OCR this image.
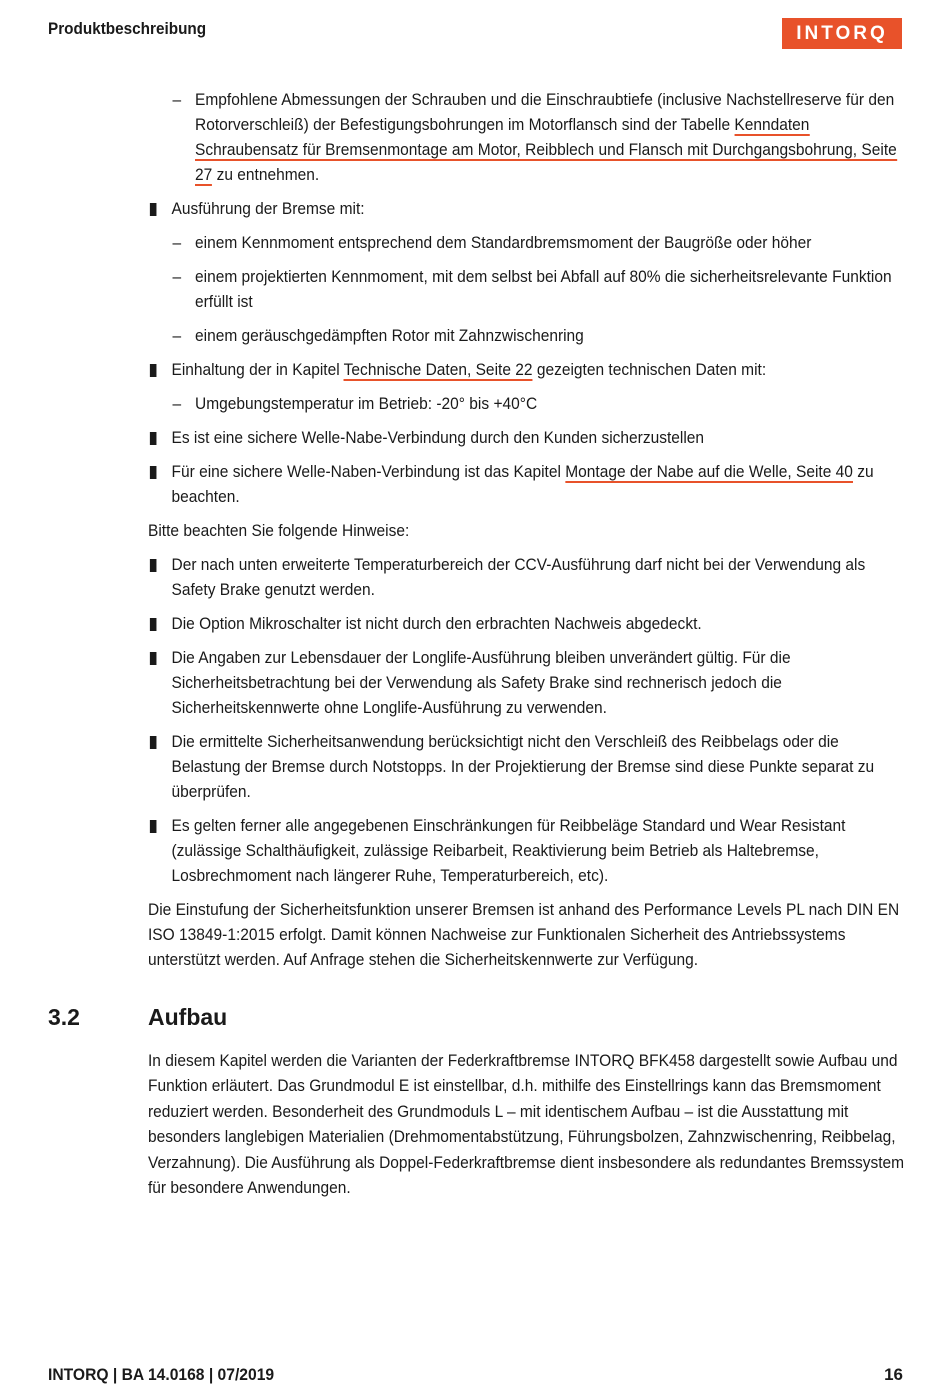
Produktbeschreibung	INTORQ
– Empfohlene Abmessungen der Schrauben und die Einschraubtiefe (inclusive Nachstellreserve für den Rotorverschleiß) der Befestigungsbohrungen im Motorflansch sind der Tabelle Kenndaten Schraubensatz für Bremsenmontage am Motor, Reibblech und Flansch mit Durchgangsbohrung, Seite 27 zu entnehmen.
Ausführung der Bremse mit:
– einem Kennmoment entsprechend dem Standardbremsmoment der Baugröße oder höher
– einem projektierten Kennmoment, mit dem selbst bei Abfall auf 80% die sicherheitsrelevante Funktion erfüllt ist
– einem geräuschgedämpften Rotor mit Zahnzwischenring
Einhaltung der in Kapitel Technische Daten, Seite 22 gezeigten technischen Daten mit:
– Umgebungstemperatur im Betrieb: -20° bis +40°C
Es ist eine sichere Welle-Nabe-Verbindung durch den Kunden sicherzustellen
Für eine sichere Welle-Naben-Verbindung ist das Kapitel Montage der Nabe auf die Welle, Seite 40 zu beachten.

Bitte beachten Sie folgende Hinweise:

Der nach unten erweiterte Temperaturbereich der CCV-Ausführung darf nicht bei der Verwendung als Safety Brake genutzt werden.
Die Option Mikroschalter ist nicht durch den erbrachten Nachweis abgedeckt.
Die Angaben zur Lebensdauer der Longlife-Ausführung bleiben unverändert gültig. Für die Sicherheitsbetrachtung bei der Verwendung als Safety Brake sind rechnerisch jedoch die Sicherheitskennwerte ohne Longlife-Ausführung zu verwenden.
Die ermittelte Sicherheitsanwendung berücksichtigt nicht den Verschleiß des Reibbelags oder die Belastung der Bremse durch Notstopps. In der Projektierung der Bremse sind diese Punkte separat zu überprüfen.
Es gelten ferner alle angegebenen Einschränkungen für Reibbeläge Standard und Wear Resistant (zulässige Schalthäufigkeit, zulässige Reibarbeit, Reaktivierung beim Betrieb als Haltebremse, Losbrechmoment nach längerer Ruhe, Temperaturbereich, etc).

Die Einstufung der Sicherheitsfunktion unserer Bremsen ist anhand des Performance Levels PL nach DIN EN ISO 13849-1:2015 erfolgt. Damit können Nachweise zur Funktionalen Sicherheit des Antriebssystems unterstützt werden. Auf Anfrage stehen die Sicherheitskennwerte zur Verfügung.

3.2	Aufbau
In diesem Kapitel werden die Varianten der Federkraftbremse INTORQ BFK458 dargestellt sowie Aufbau und Funktion erläutert. Das Grundmodul E ist einstellbar, d.h. mithilfe des Einstellrings kann das Bremsmoment reduziert werden. Besonderheit des Grundmoduls L – mit identischem Aufbau – ist die Ausstattung mit besonders langlebigen Materialien (Drehmomentabstützung, Führungsbolzen, Zahnzwischenring, Reibbelag, Verzahnung). Die Ausführung als Doppel-Federkraftbremse dient insbesondere als redundantes Bremssystem für besondere Anwendungen.
INTORQ | BA 14.0168 | 07/2019	16
